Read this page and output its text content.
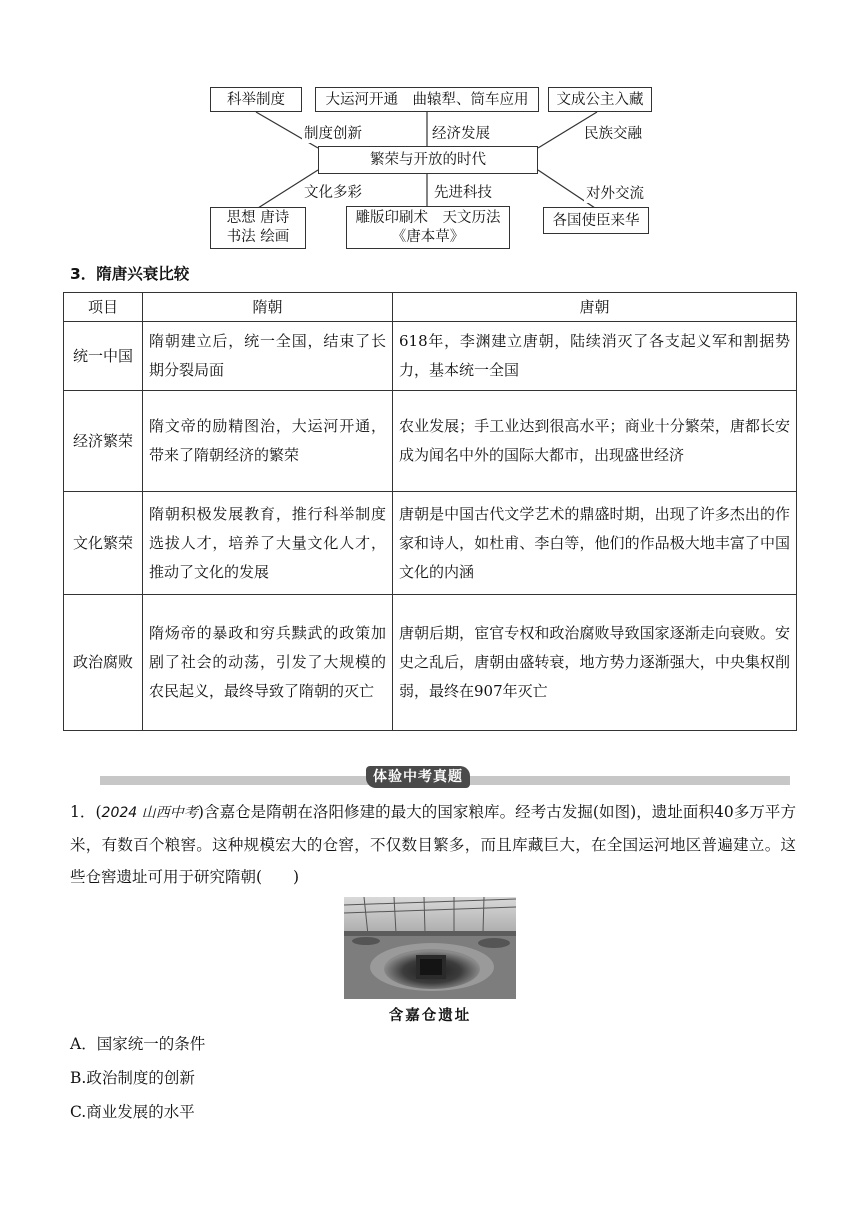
科举制度	大运河开通　曲辕犁、筒车应用 文成公主入藏
制度创新	经济发展	民族交融
繁荣与开放的时代
文化多彩	先进科技	对外交流
思想 唐诗
书法 绘画
雕版印刷术　天文历法
《唐本草》
各国使臣来华
3．隋唐兴衰比较
项目	隋朝	唐朝
统一中国	隋朝建立后，统一全国，结束了长期分裂局面	618年，李渊建立唐朝，陆续消灭了各支起义军和割据势力，基本统一全国
经济繁荣	隋文帝的励精图治，大运河开通，带来了隋朝经济的繁荣	农业发展；手工业达到很高水平；商业十分繁荣，唐都长安成为闻名中外的国际大都市，出现盛世经济
文化繁荣	隋朝积极发展教育，推行科举制度选拔人才，培养了大量文化人才，推动了文化的发展	唐朝是中国古代文学艺术的鼎盛时期，出现了许多杰出的作家和诗人，如杜甫、李白等，他们的作品极大地丰富了中国文化的内涵
政治腐败	隋炀帝的暴政和穷兵黩武的政策加剧了社会的动荡，引发了大规模的农民起义，最终导致了隋朝的灭亡	唐朝后期，宦官专权和政治腐败导致国家逐渐走向衰败。安史之乱后，唐朝由盛转衰，地方势力逐渐强大，中央集权削弱，最终在907年灭亡
体验中考真题
1．(2024 山西中考)含嘉仓是隋朝在洛阳修建的最大的国家粮库。经考古发掘(如图)，遗址面积40多万平方米，有数百个粮窖。这种规模宏大的仓窖，不仅数目繁多，而且库藏巨大，在全国运河地区普遍建立。这些仓窖遗址可用于研究隋朝(　　)
含嘉仓遗址
A．国家统一的条件
B.政治制度的创新
C.商业发展的水平
